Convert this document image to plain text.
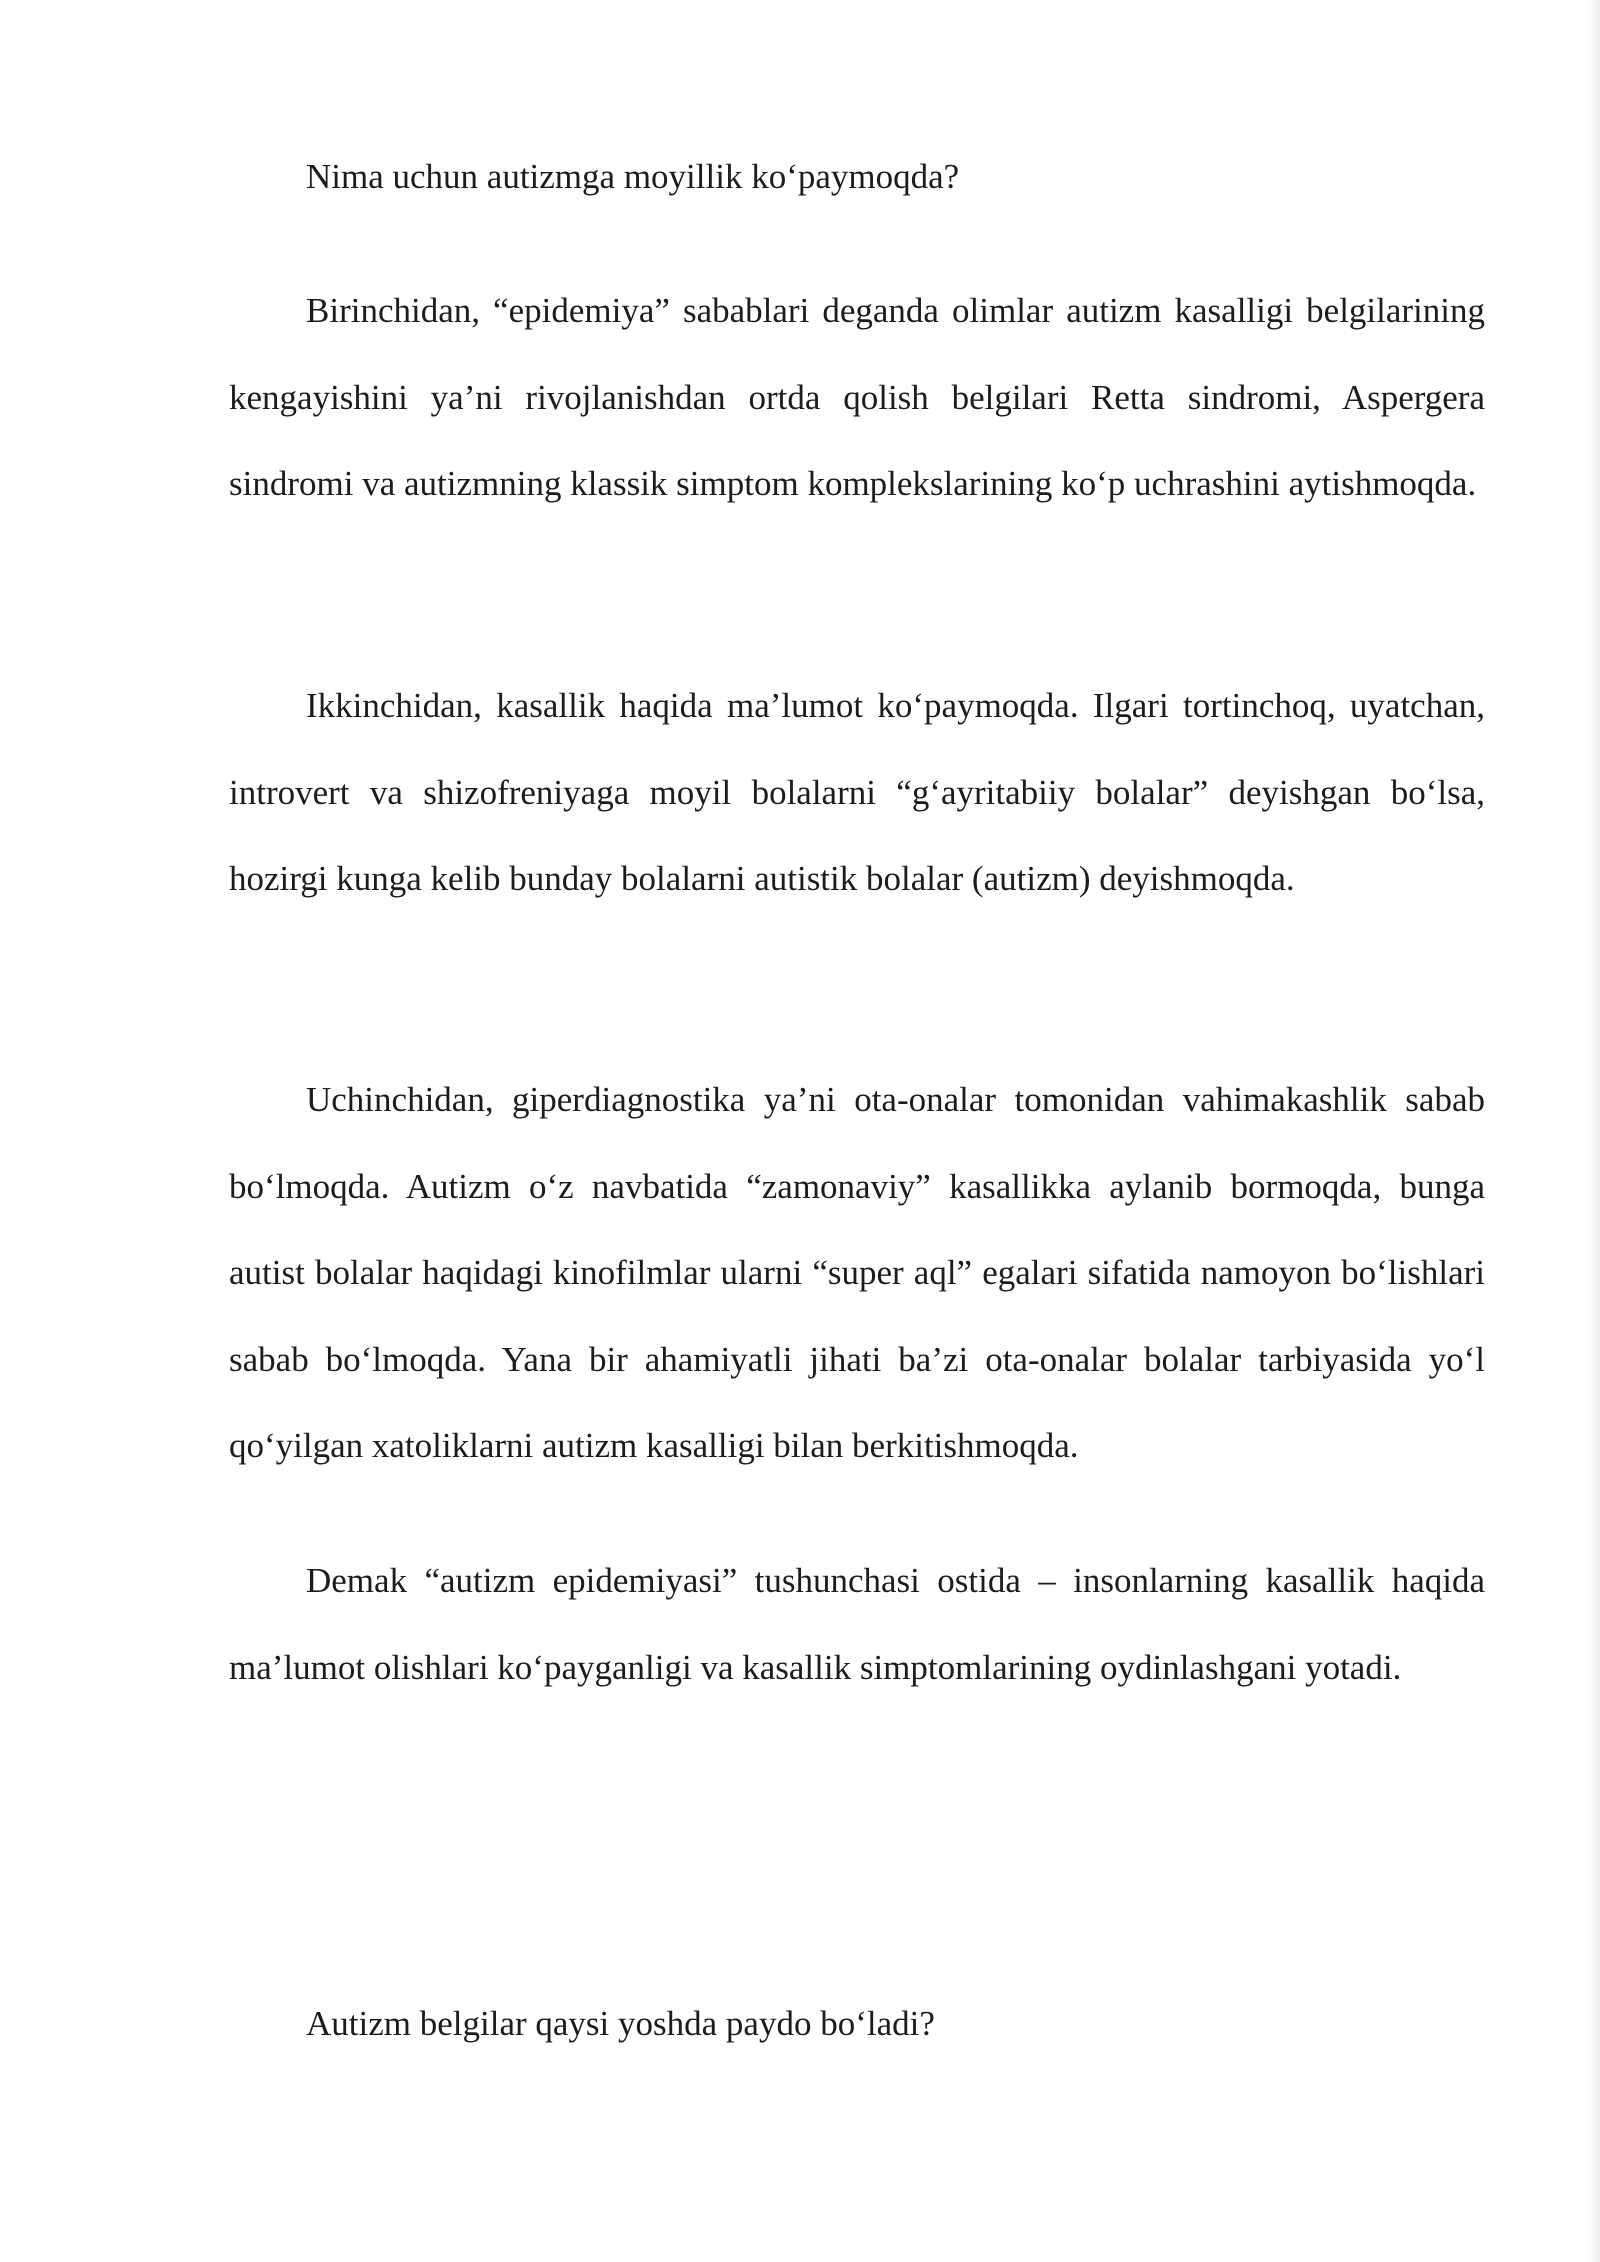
Nima uchun autizmga moyillik ko‘paymoqda?

Birinchidan, “epidemiya” sabablari deganda olimlar autizm kasalligi belgilarining kengayishini ya’ni rivojlanishdan ortda qolish belgilari Retta sindromi, Aspergera sindromi va autizmning klassik simptom komplekslarining ko‘p uchrashini aytishmoqda.

Ikkinchidan, kasallik haqida ma’lumot ko‘paymoqda. Ilgari tortinchoq, uyatchan, introvert va shizofreniyaga moyil bolalarni “g‘ayritabiiy bolalar” deyishgan bo‘lsa, hozirgi kunga kelib bunday bolalarni autistik bolalar (autizm) deyishmoqda.

Uchinchidan, giperdiagnostika ya’ni ota-onalar tomonidan vahimakashlik sabab bo‘lmoqda. Autizm o‘z navbatida “zamonaviy” kasallikka aylanib bormoqda, bunga autist bolalar haqidagi kinofilmlar ularni “super aql” egalari sifatida namoyon bo‘lishlari sabab bo‘lmoqda. Yana bir ahamiyatli jihati ba’zi ota-onalar bolalar tarbiyasida yo‘l qo‘yilgan xatoliklarni autizm kasalligi bilan berkitishmoqda.

Demak “autizm epidemiyasi” tushunchasi ostida – insonlarning kasallik haqida ma’lumot olishlari ko‘payganligi va kasallik simptomlarining oydinlashgani yotadi.

Autizm belgilar qaysi yoshda paydo bo‘ladi?
